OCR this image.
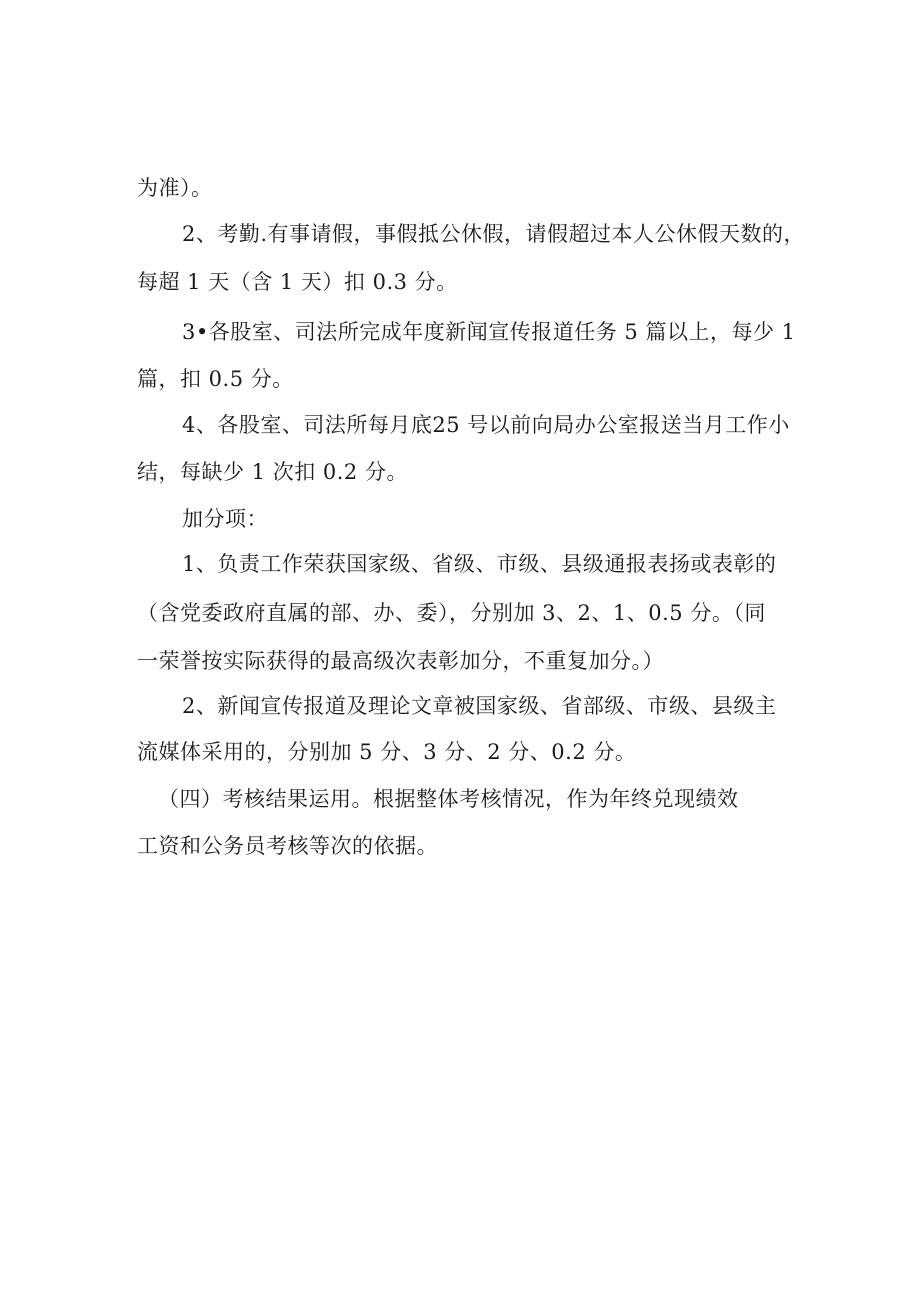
为准）。
2、考勤.有事请假，事假抵公休假，请假超过本人公休假天数的，
每超 1 天（含 1 天）扣 0.3 分。
3•各股室、司法所完成年度新闻宣传报道任务 5 篇以上，每少 1
篇，扣 0.5 分。
4、各股室、司法所每月底25 号以前向局办公室报送当月工作小
结，每缺少 1 次扣 0.2 分。
加分项：
1、负责工作荣获国家级、省级、市级、县级通报表扬或表彰的
（含党委政府直属的部、办、委），分别加 3、2、1、0.5 分。（同
一荣誉按实际获得的最高级次表彰加分，不重复加分。）
2、新闻宣传报道及理论文章被国家级、省部级、市级、县级主
流媒体采用的，分别加 5 分、3 分、2 分、0.2 分。
（四）考核结果运用。根据整体考核情况，作为年终兑现绩效
工资和公务员考核等次的依据。
